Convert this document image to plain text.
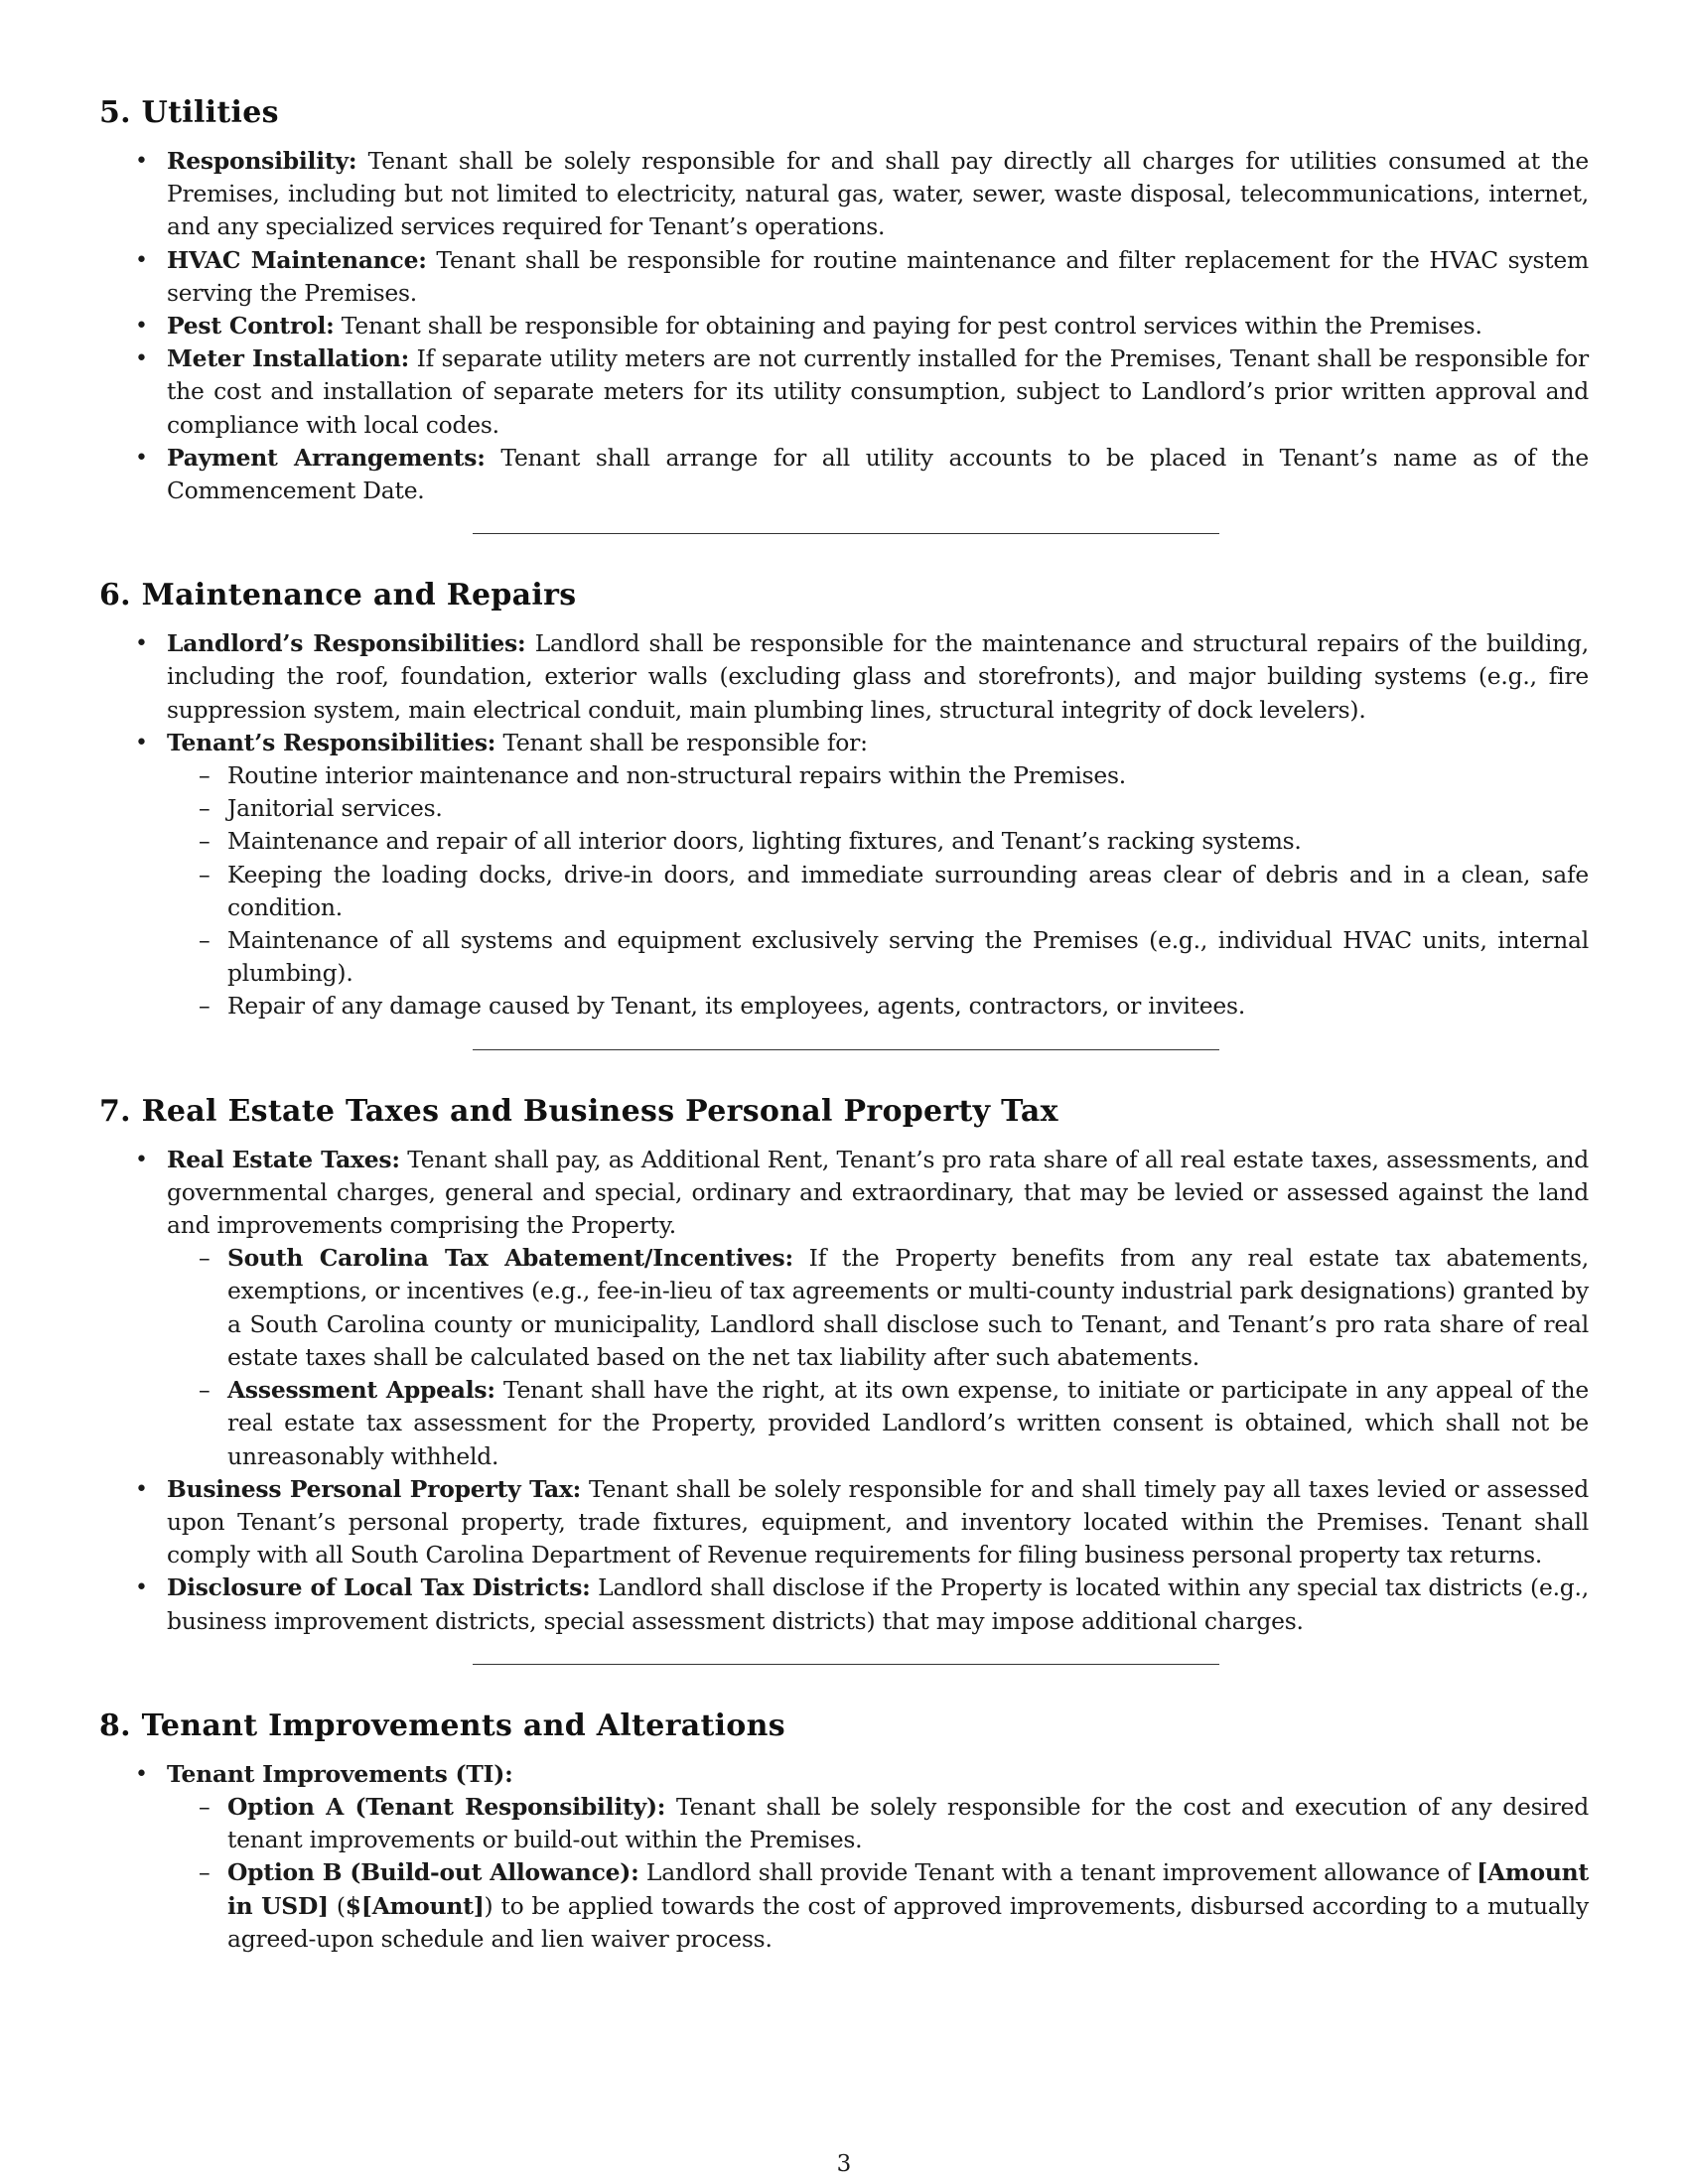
5. Utilities
• Responsibility: Tenant shall be solely responsible for and shall pay directly all charges for utilities consumed at the Premises, including but not limited to electricity, natural gas, water, sewer, waste disposal, telecommunications, internet, and any specialized services required for Tenant’s operations.
• HVAC Maintenance: Tenant shall be responsible for routine maintenance and filter replacement for the HVAC system serving the Premises.
• Pest Control: Tenant shall be responsible for obtaining and paying for pest control services within the Premises.
• Meter Installation: If separate utility meters are not currently installed for the Premises, Tenant shall be responsible for the cost and installation of separate meters for its utility consumption, subject to Landlord’s prior written approval and compliance with local codes.
• Payment Arrangements: Tenant shall arrange for all utility accounts to be placed in Tenant’s name as of the Commencement Date.
6. Maintenance and Repairs
• Landlord’s Responsibilities: Landlord shall be responsible for the maintenance and structural repairs of the building, including the roof, foundation, exterior walls (excluding glass and storefronts), and major building systems (e.g., fire suppression system, main electrical conduit, main plumbing lines, structural integrity of dock levelers).
• Tenant’s Responsibilities: Tenant shall be responsible for:
– Routine interior maintenance and non-structural repairs within the Premises.
– Janitorial services.
– Maintenance and repair of all interior doors, lighting fixtures, and Tenant’s racking systems.
– Keeping the loading docks, drive-in doors, and immediate surrounding areas clear of debris and in a clean, safe condition.
– Maintenance of all systems and equipment exclusively serving the Premises (e.g., individual HVAC units, internal plumbing).
– Repair of any damage caused by Tenant, its employees, agents, contractors, or invitees.
7. Real Estate Taxes and Business Personal Property Tax
• Real Estate Taxes: Tenant shall pay, as Additional Rent, Tenant’s pro rata share of all real estate taxes, assessments, and governmental charges, general and special, ordinary and extraordinary, that may be levied or assessed against the land and improvements comprising the Property.
– South Carolina Tax Abatement/Incentives: If the Property benefits from any real estate tax abatements, exemptions, or incentives (e.g., fee-in-lieu of tax agreements or multi-county industrial park designations) granted by a South Carolina county or municipality, Landlord shall disclose such to Tenant, and Tenant’s pro rata share of real estate taxes shall be calculated based on the net tax liability after such abatements.
– Assessment Appeals: Tenant shall have the right, at its own expense, to initiate or participate in any appeal of the real estate tax assessment for the Property, provided Landlord’s written consent is obtained, which shall not be unreasonably withheld.
• Business Personal Property Tax: Tenant shall be solely responsible for and shall timely pay all taxes levied or assessed upon Tenant’s personal property, trade fixtures, equipment, and inventory located within the Premises. Tenant shall comply with all South Carolina Department of Revenue requirements for filing business personal property tax returns.
• Disclosure of Local Tax Districts: Landlord shall disclose if the Property is located within any special tax districts (e.g., business improvement districts, special assessment districts) that may impose additional charges.
8. Tenant Improvements and Alterations
• Tenant Improvements (TI):
– Option A (Tenant Responsibility): Tenant shall be solely responsible for the cost and execution of any desired tenant improvements or build-out within the Premises.
– Option B (Build-out Allowance): Landlord shall provide Tenant with a tenant improvement allowance of [Amount in USD] ($[Amount]) to be applied towards the cost of approved improvements, disbursed according to a mutually agreed-upon schedule and lien waiver process.
3
